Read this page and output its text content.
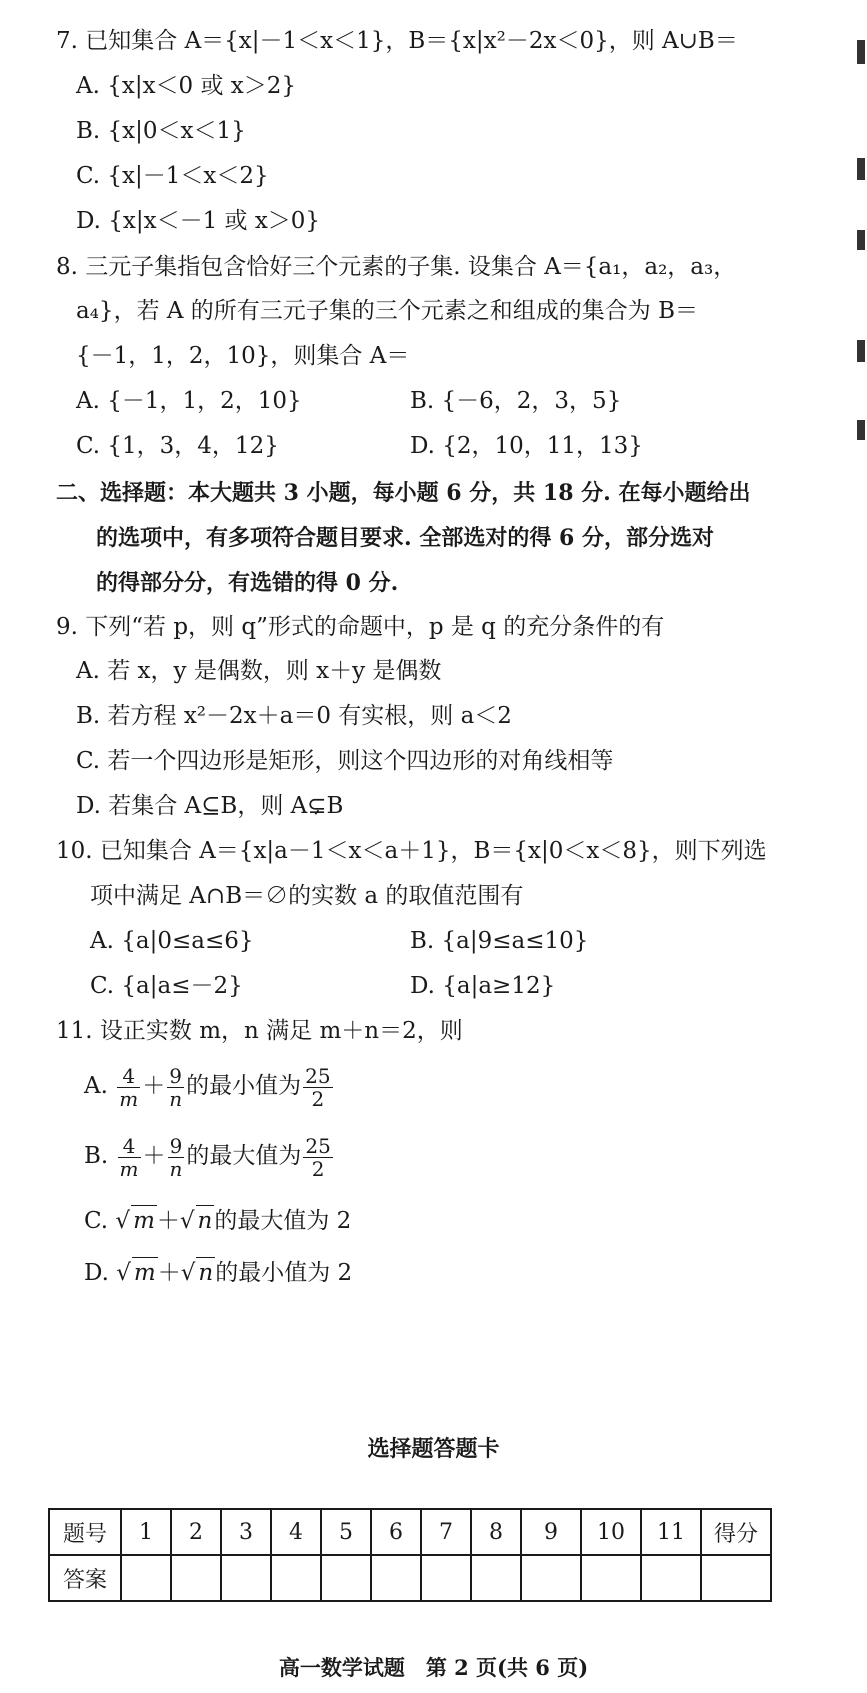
7. 已知集合 A＝{x|－1＜x＜1}，B＝{x|x²－2x＜0}，则 A∪B＝
A. {x|x＜0 或 x＞2}
B. {x|0＜x＜1}
C. {x|－1＜x＜2}
D. {x|x＜－1 或 x＞0}
8. 三元子集指包含恰好三个元素的子集. 设集合 A＝{a₁，a₂，a₃，
a₄}，若 A 的所有三元子集的三个元素之和组成的集合为 B＝
{－1，1，2，10}，则集合 A＝
A. {－1，1，2，10}	B. {－6，2，3，5}
C. {1，3，4，12}	D. {2，10，11，13}
二、选择题：本大题共 3 小题，每小题 6 分，共 18 分. 在每小题给出
的选项中，有多项符合题目要求. 全部选对的得 6 分，部分选对
的得部分分，有选错的得 0 分.
9. 下列“若 p，则 q”形式的命题中，p 是 q 的充分条件的有
A. 若 x，y 是偶数，则 x＋y 是偶数
B. 若方程 x²－2x＋a＝0 有实根，则 a＜2
C. 若一个四边形是矩形，则这个四边形的对角线相等
D. 若集合 A⊆B，则 A⊊B
10. 已知集合 A＝{x|a－1＜x＜a＋1}，B＝{x|0＜x＜8}，则下列选
项中满足 A∩B＝∅的实数 a 的取值范围有
A. {a|0≤a≤6}	B. {a|9≤a≤10}
C. {a|a≤－2}	D. {a|a≥12}
11. 设正实数 m，n 满足 m＋n＝2，则
A. $\frac{4}{m} + \frac{9}{n}$ 的最小值为 $\frac{25}{2}$
B. $\frac{4}{m} + \frac{9}{n}$ 的最大值为 $\frac{25}{2}$
C. √ m＋√ n的最大值为 2
D. √ m＋√ n的最小值为 2
选择题答题卡
题号	1	2	3	4	5	6	7	8	9	10	11	得分
答案												
高一数学试题　第 2 页(共 6 页)
